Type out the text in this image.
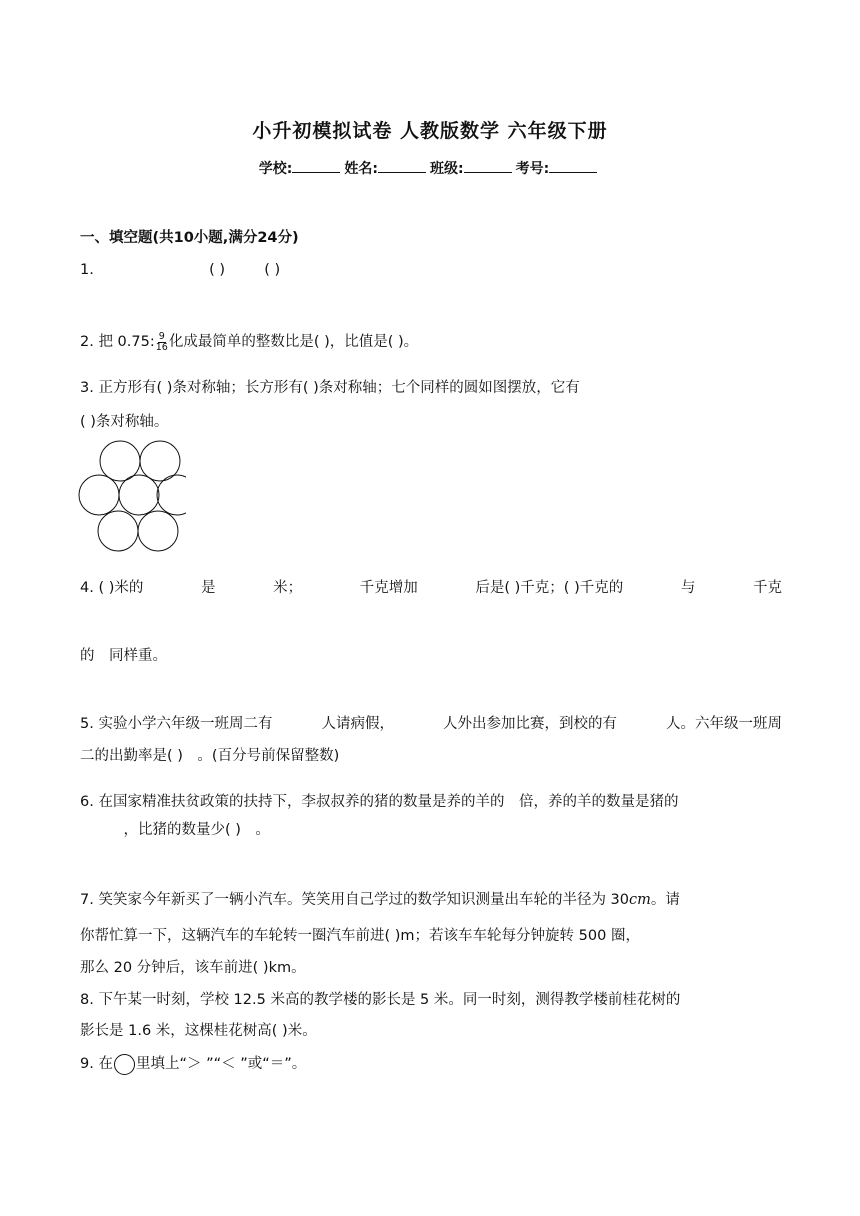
小升初模拟试卷 人教版数学 六年级下册
学校:	姓名:	班级:	考号:
一、填空题(共10小题,满分24分)
1.	( )	( )
2. 把 0.75: $\frac{9}{16}$ 化成最简单的整数比是( )，比值是( )。
3. 正方形有( )条对称轴；长方形有( )条对称轴；七个同样的圆如图摆放，它有
( )条对称轴。
4. ( )米的	是	米；	千克增加	后是( )千克；( )千克的	与	千克
的　同样重。
5. 实验小学六年级一班周二有	人请病假，	人外出参加比赛，到校的有	人。六年级一班周
二的出勤率是( )　。(百分号前保留整数)
6. 在国家精准扶贫政策的扶持下，李叔叔养的猪的数量是养的羊的　倍，养的羊的数量是猪的
　　　，比猪的数量少( )　。
7. 笑笑家今年新买了一辆小汽车。笑笑用自己学过的数学知识测量出车轮的半径为 30cm。请
你帮忙算一下，这辆汽车的车轮转一圈汽车前进( )m；若该车车轮每分钟旋转 500 圈，
那么 20 分钟后，该车前进( )km。
8. 下午某一时刻，学校 12.5 米高的教学楼的影长是 5 米。同一时刻，测得教学楼前桂花树的
影长是 1.6 米，这棵桂花树高( )米。
9. 在 里填上“＞ ”“＜ ”或“＝”。
